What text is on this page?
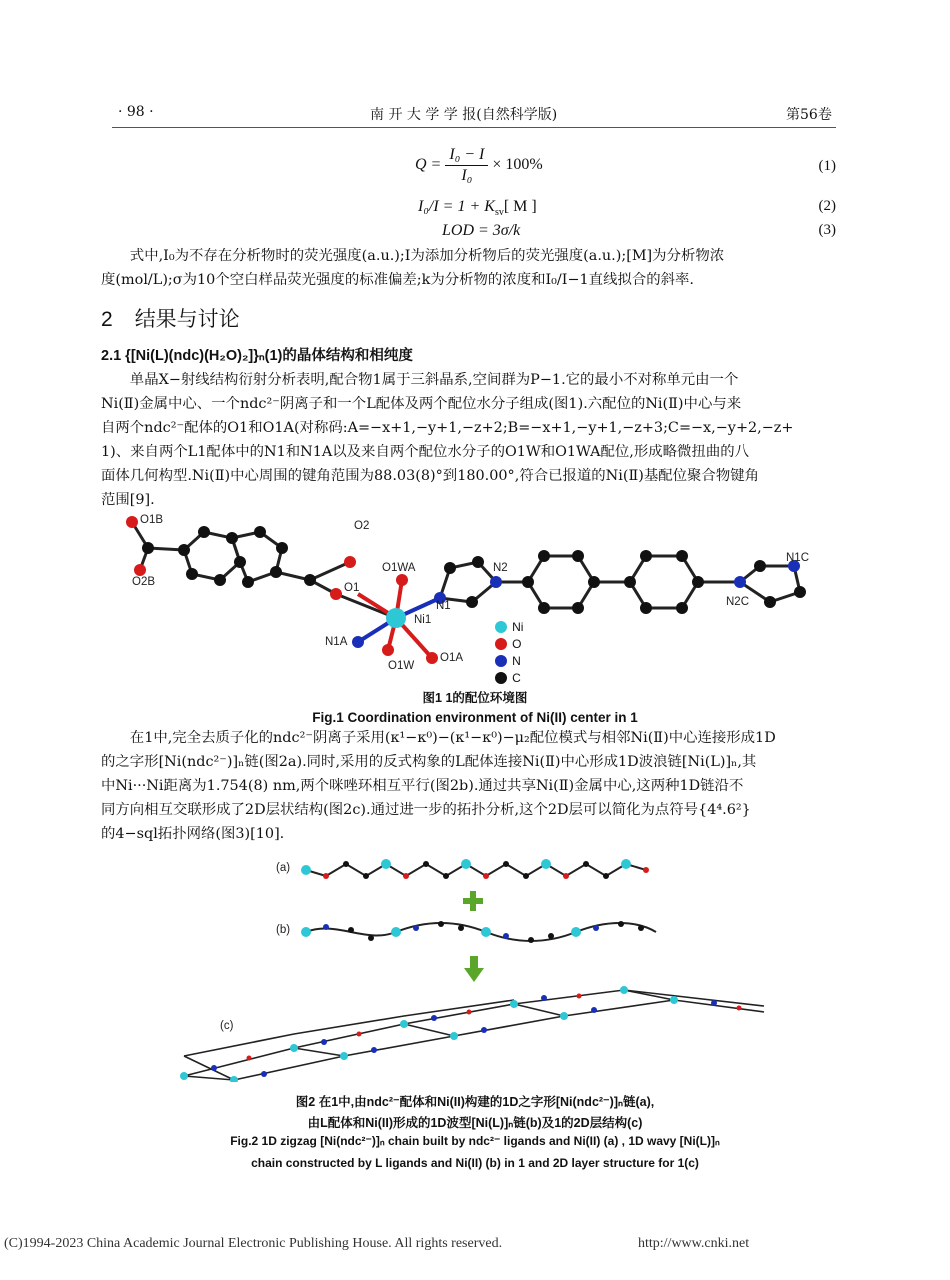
· 98 ·	南 开 大 学 学 报(自然科学版)	第56卷
$Q = \frac{\text{I₀ − I}}{\text{I₀}} \times 100\%$	(1)
$I_0/I = 1 + K_{sv}$[ M ]	(2)
LOD = 3σ/k	(3)
式中,I₀为不存在分析物时的荧光强度(a.u.);I为添加分析物后的荧光强度(a.u.);[M]为分析物浓
度(mol/L);σ为10个空白样品荧光强度的标准偏差;k为分析物的浓度和I₀/I−1直线拟合的斜率.
2 结果与讨论
2.1 {[Ni(L)(ndc)(H₂O)₂]}ₙ(1)的晶体结构和相纯度
单晶X−射线结构衍射分析表明,配合物1属于三斜晶系,空间群为P−1.它的最小不对称单元由一个
Ni(Ⅱ)金属中心、一个ndc²⁻阴离子和一个L配体及两个配位水分子组成(图1).六配位的Ni(Ⅱ)中心与来
自两个ndc²⁻配体的O1和O1A(对称码:A=−x+1,−y+1,−z+2;B=−x+1,−y+1,−z+3;C=−x,−y+2,−z+
1)、来自两个L1配体中的N1和N1A以及来自两个配位水分子的O1W和O1WA配位,形成略微扭曲的八
面体几何构型.Ni(Ⅱ)中心周围的键角范围为88.03(8)°到180.00°,符合已报道的Ni(Ⅱ)基配位聚合物键角
范围[9].
O1B
O2B
O2
O1
O1WA	N2
N1
Ni1
N1A
O1W
O1A
N1C
N2C
Ni
O
N
C
图1 1的配位环境图
Fig.1 Coordination environment of Ni(II) center in 1
在1中,完全去质子化的ndc²⁻阴离子采用(κ¹−κ⁰)−(κ¹−κ⁰)−μ₂配位模式与相邻Ni(Ⅱ)中心连接形成1D
的之字形[Ni(ndc²⁻)]ₙ链(图2a).同时,采用的反式构象的L配体连接Ni(Ⅱ)中心形成1D波浪链[Ni(L)]ₙ,其
中Ni···Ni距离为1.754(8) nm,两个咪唑环相互平行(图2b).通过共享Ni(Ⅱ)金属中心,这两种1D链沿不
同方向相互交联形成了2D层状结构(图2c).通过进一步的拓扑分析,这个2D层可以简化为点符号{4⁴.6²}
的4−sql拓扑网络(图3)[10].
(a)
(b)
(c)
图2 在1中,由ndc²⁻配体和Ni(II)构建的1D之字形[Ni(ndc²⁻)]ₙ链(a),
由L配体和Ni(II)形成的1D波型[Ni(L)]ₙ链(b)及1的2D层结构(c)
Fig.2 1D zigzag [Ni(ndc²⁻)]ₙ chain built by ndc²⁻ ligands and Ni(II) (a) , 1D wavy [Ni(L)]ₙ
chain constructed by L ligands and Ni(II) (b) in 1 and 2D layer structure for 1(c)
(C)1994-2023 China Academic Journal Electronic Publishing House. All rights reserved.	http://www.cnki.net
